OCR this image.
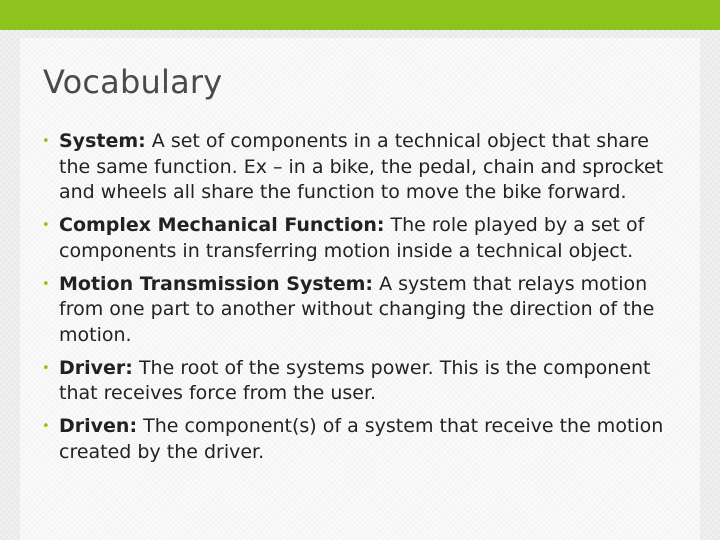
Vocabulary
• System: A set of components in a technical object that share the same function. Ex – in a bike, the pedal, chain and sprocket and wheels all share the function to move the bike forward.
• Complex Mechanical Function: The role played by a set of components in transferring motion inside a technical object.
• Motion Transmission System: A system that relays motion from one part to another without changing the direction of the motion.
• Driver: The root of the systems power. This is the component that receives force from the user.
• Driven: The component(s) of a system that receive the motion created by the driver.
